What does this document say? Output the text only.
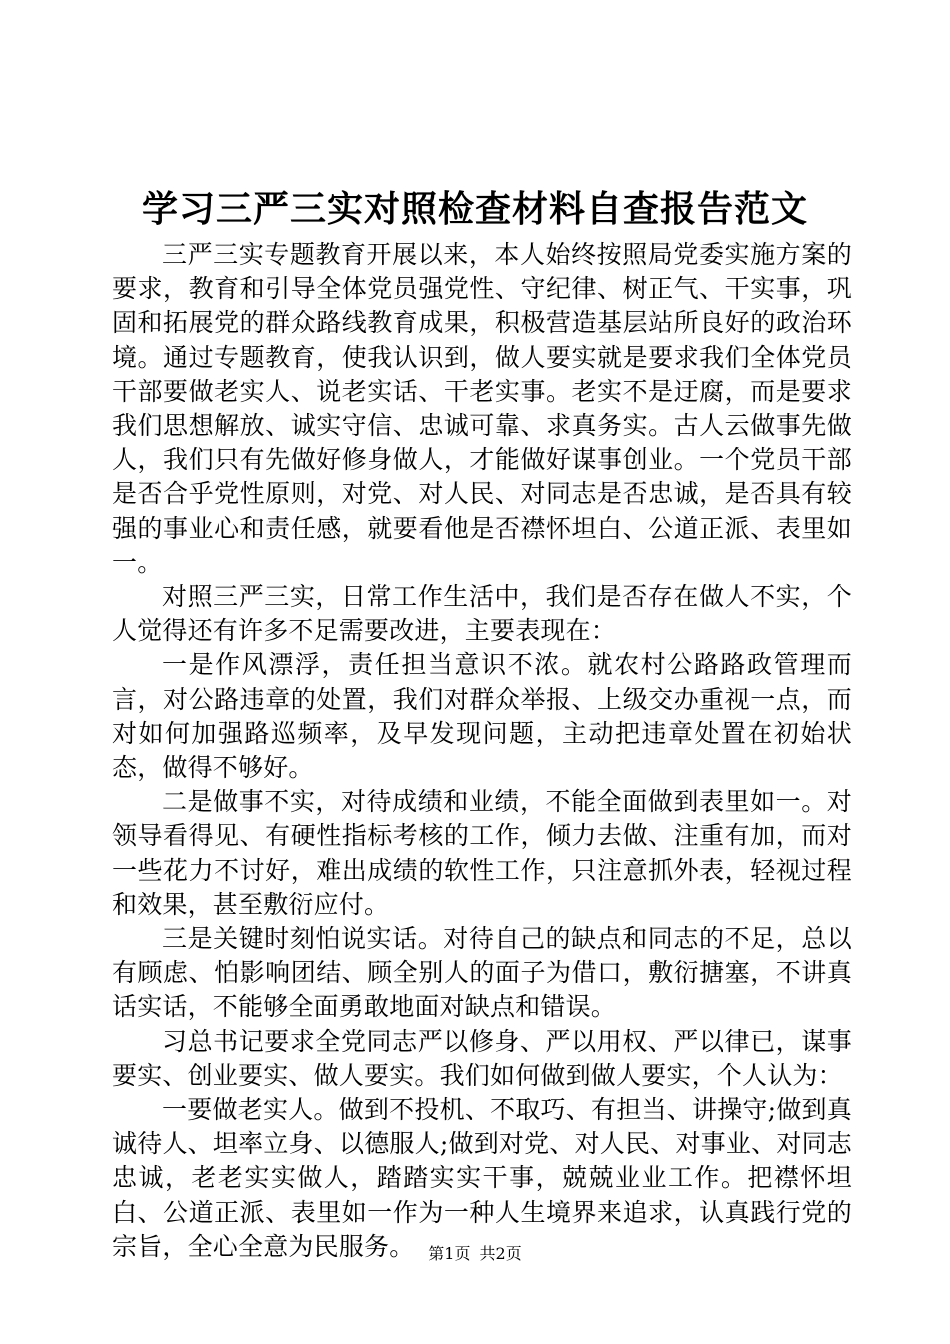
学习三严三实对照检查材料自查报告范文

三严三实专题教育开展以来，本人始终按照局党委实施方案的要求，教育和引导全体党员强党性、守纪律、树正气、干实事，巩固和拓展党的群众路线教育成果，积极营造基层站所良好的政治环境。通过专题教育，使我认识到，做人要实就是要求我们全体党员干部要做老实人、说老实话、干老实事。老实不是迂腐，而是要求我们思想解放、诚实守信、忠诚可靠、求真务实。古人云做事先做人，我们只有先做好修身做人，才能做好谋事创业。一个党员干部是否合乎党性原则，对党、对人民、对同志是否忠诚，是否具有较强的事业心和责任感，就要看他是否襟怀坦白、公道正派、表里如一。

对照三严三实，日常工作生活中，我们是否存在做人不实，个人觉得还有许多不足需要改进，主要表现在：

一是作风漂浮，责任担当意识不浓。就农村公路路政管理而言，对公路违章的处置，我们对群众举报、上级交办重视一点，而对如何加强路巡频率，及早发现问题，主动把违章处置在初始状态，做得不够好。

二是做事不实，对待成绩和业绩，不能全面做到表里如一。对领导看得见、有硬性指标考核的工作，倾力去做、注重有加，而对一些花力不讨好，难出成绩的软性工作，只注意抓外表，轻视过程和效果，甚至敷衍应付。

三是关键时刻怕说实话。对待自己的缺点和同志的不足，总以有顾虑、怕影响团结、顾全别人的面子为借口，敷衍搪塞，不讲真话实话，不能够全面勇敢地面对缺点和错误。

习总书记要求全党同志严以修身、严以用权、严以律已，谋事要实、创业要实、做人要实。我们如何做到做人要实，个人认为：

一要做老实人。做到不投机、不取巧、有担当、讲操守;做到真诚待人、坦率立身、以德服人;做到对党、对人民、对事业、对同志忠诚，老老实实做人，踏踏实实干事，兢兢业业工作。把襟怀坦白、公道正派、表里如一作为一种人生境界来追求，认真践行党的宗旨，全心全意为民服务。 第1页 共2页
